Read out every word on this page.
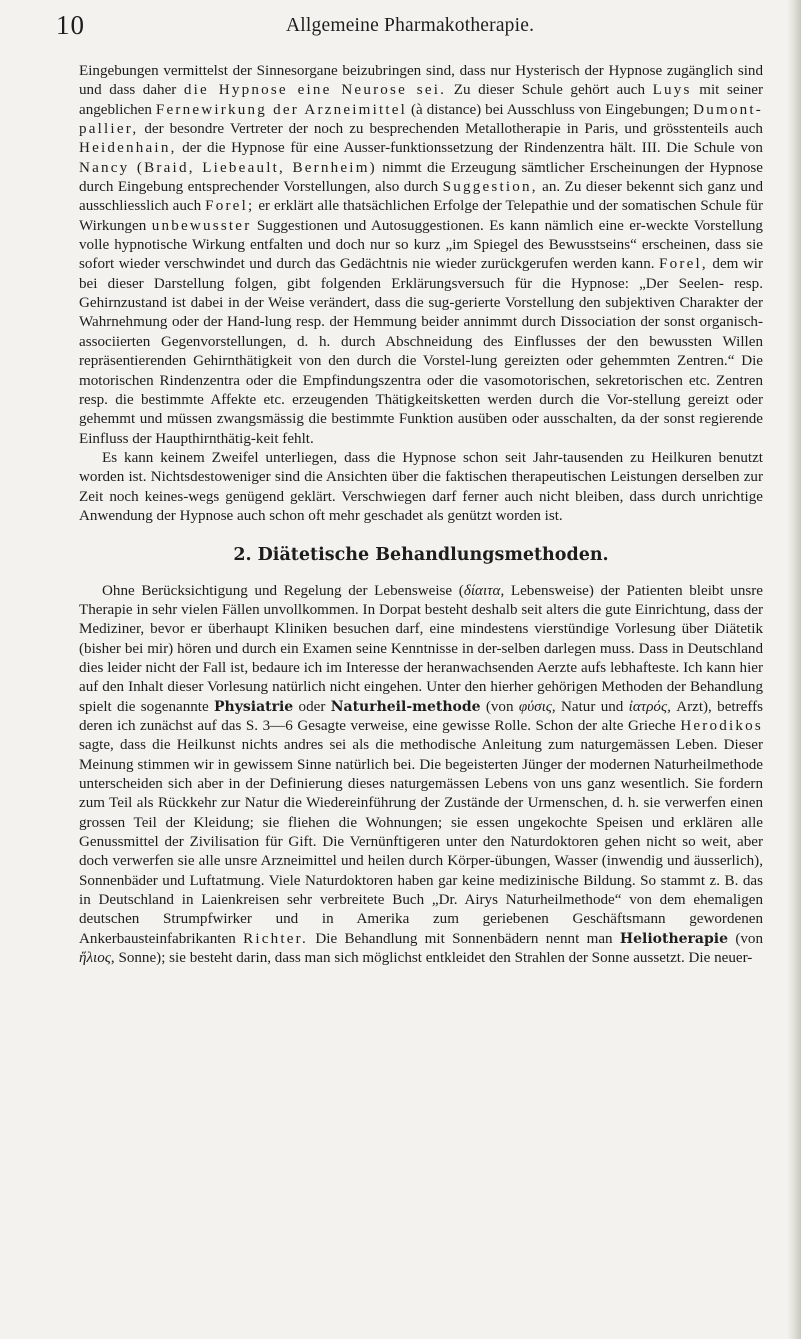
10	Allgemeine Pharmakotherapie.

Eingebungen vermittelst der Sinnesorgane beizubringen sind, dass nur Hysterisch der Hypnose zugänglich sind und dass daher die Hypnose eine Neurose sei. Zu dieser Schule gehört auch Luys mit seiner angeblichen Fernewirkung der Arzneimittel (à distance) bei Ausschluss von Eingebungen; Dumont-pallier, der besondre Vertreter der noch zu besprechenden Metallotherapie in Paris, und grösstenteils auch Heidenhain, der die Hypnose für eine Ausser-funktionssetzung der Rindenzentra hält. III. Die Schule von Nancy (Braid, Liebeault, Bernheim) nimmt die Erzeugung sämtlicher Erscheinungen der Hypnose durch Eingebung entsprechender Vorstellungen, also durch Suggestion, an. Zu dieser bekennt sich ganz und ausschliesslich auch Forel; er erklärt alle thatsächlichen Erfolge der Telepathie und der somatischen Schule für Wirkungen unbewusster Suggestionen und Autosuggestionen. Es kann nämlich eine er-weckte Vorstellung volle hypnotische Wirkung entfalten und doch nur so kurz „im Spiegel des Bewusstseins“ erscheinen, dass sie sofort wieder verschwindet und durch das Gedächtnis nie wieder zurückgerufen werden kann. Forel, dem wir bei dieser Darstellung folgen, gibt folgenden Erklärungsversuch für die Hypnose: „Der Seelen- resp. Gehirnzustand ist dabei in der Weise verändert, dass die sug-gerierte Vorstellung den subjektiven Charakter der Wahrnehmung oder der Hand-lung resp. der Hemmung beider annimmt durch Dissociation der sonst organisch-associierten Gegenvorstellungen, d. h. durch Abschneidung des Einflusses der den bewussten Willen repräsentierenden Gehirnthätigkeit von den durch die Vorstel-lung gereizten oder gehemmten Zentren.“ Die motorischen Rindenzentra oder die Empfindungszentra oder die vasomotorischen, sekretorischen etc. Zentren resp. die bestimmte Affekte etc. erzeugenden Thätigkeitsketten werden durch die Vor-stellung gereizt oder gehemmt und müssen zwangsmässig die bestimmte Funktion ausüben oder ausschalten, da der sonst regierende Einfluss der Haupthirnthätig-keit fehlt.

Es kann keinem Zweifel unterliegen, dass die Hypnose schon seit Jahr-tausenden zu Heilkuren benutzt worden ist. Nichtsdestoweniger sind die Ansichten über die faktischen therapeutischen Leistungen derselben zur Zeit noch keines-wegs genügend geklärt. Verschwiegen darf ferner auch nicht bleiben, dass durch unrichtige Anwendung der Hypnose auch schon oft mehr geschadet als genützt worden ist.

2. Diätetische Behandlungsmethoden.

Ohne Berücksichtigung und Regelung der Lebensweise (δίαιτα, Lebensweise) der Patienten bleibt unsre Therapie in sehr vielen Fällen unvollkommen. In Dorpat besteht deshalb seit alters die gute Einrichtung, dass der Mediziner, bevor er überhaupt Kliniken besuchen darf, eine mindestens vierstündige Vorlesung über Diätetik (bisher bei mir) hören und durch ein Examen seine Kenntnisse in der-selben darlegen muss. Dass in Deutschland dies leider nicht der Fall ist, bedaure ich im Interesse der heranwachsenden Aerzte aufs lebhafteste. Ich kann hier auf den Inhalt dieser Vorlesung natürlich nicht eingehen. Unter den hierher gehörigen Methoden der Behandlung spielt die sogenannte Physiatrie oder Naturheil-methode (von φύσις, Natur und ἰατρός, Arzt), betreffs deren ich zunächst auf das S. 3—6 Gesagte verweise, eine gewisse Rolle. Schon der alte Grieche Herodikos sagte, dass die Heilkunst nichts andres sei als die methodische Anleitung zum naturgemässen Leben. Dieser Meinung stimmen wir in gewissem Sinne natürlich bei. Die begeisterten Jünger der modernen Naturheilmethode unterscheiden sich aber in der Definierung dieses naturgemässen Lebens von uns ganz wesentlich. Sie fordern zum Teil als Rückkehr zur Natur die Wiedereinführung der Zustände der Urmenschen, d. h. sie verwerfen einen grossen Teil der Kleidung; sie fliehen die Wohnungen; sie essen ungekochte Speisen und erklären alle Genussmittel der Zivilisation für Gift. Die Vernünftigeren unter den Naturdoktoren gehen nicht so weit, aber doch verwerfen sie alle unsre Arzneimittel und heilen durch Körper-übungen, Wasser (inwendig und äusserlich), Sonnenbäder und Luftatmung. Viele Naturdoktoren haben gar keine medizinische Bildung. So stammt z. B. das in Deutschland in Laienkreisen sehr verbreitete Buch „Dr. Airys Naturheilmethode“ von dem ehemaligen deutschen Strumpfwirker und in Amerika zum geriebenen Geschäftsmann gewordenen Ankerbausteinfabrikanten Richter. Die Behandlung mit Sonnenbädern nennt man Heliotherapie (von ἥλιος, Sonne); sie besteht darin, dass man sich möglichst entkleidet den Strahlen der Sonne aussetzt. Die neuer-
